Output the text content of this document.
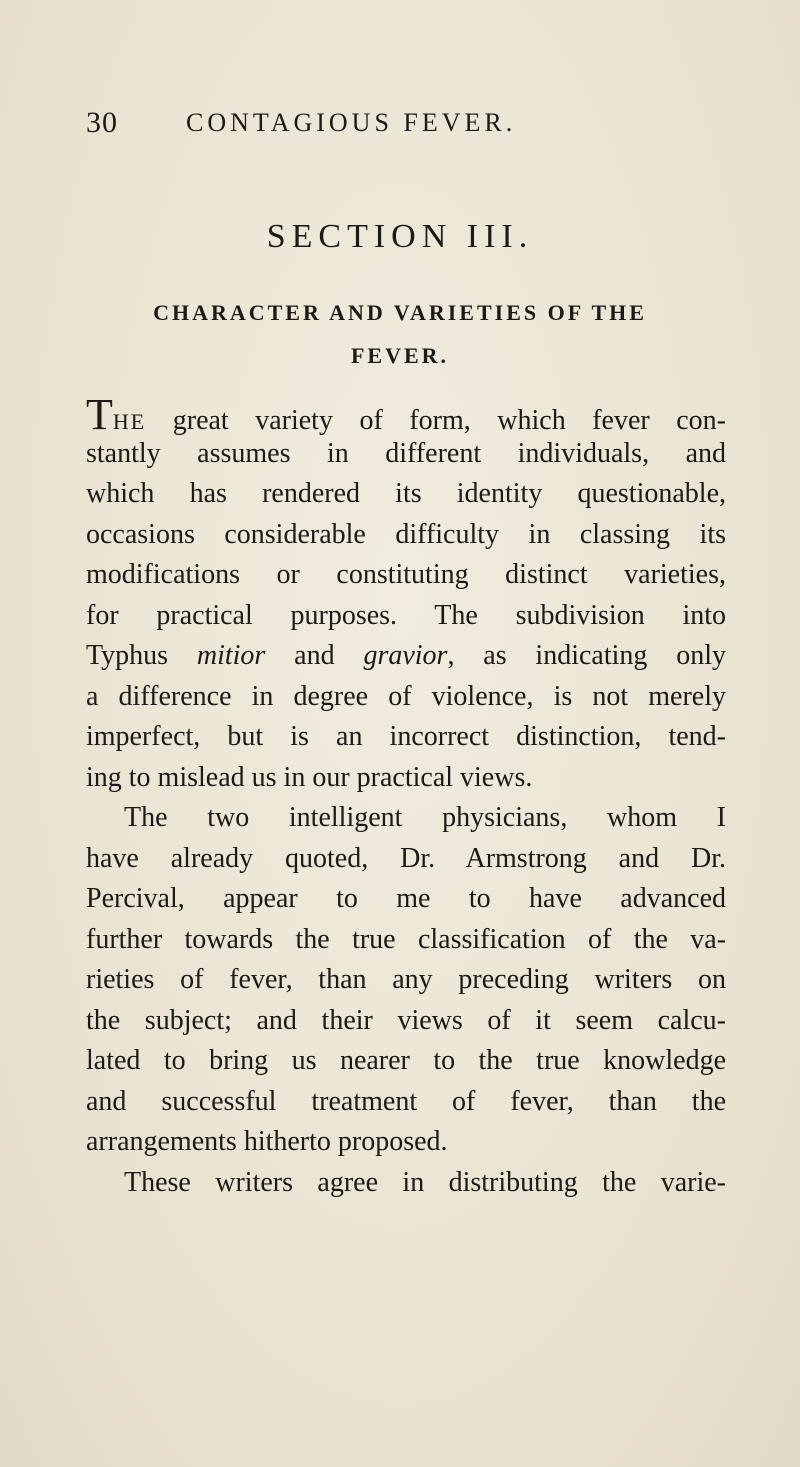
30	CONTAGIOUS FEVER.
SECTION III.
CHARACTER AND VARIETIES OF THE
FEVER.
THE great variety of form, which fever con-
stantly assumes in different individuals, and
which has rendered its identity questionable,
occasions considerable difficulty in classing its
modifications or constituting distinct varieties,
for practical purposes. The subdivision into
Typhus mitior and gravior, as indicating only
a difference in degree of violence, is not merely
imperfect, but is an incorrect distinction, tend-
ing to mislead us in our practical views.
The two intelligent physicians, whom I
have already quoted, Dr. Armstrong and Dr.
Percival, appear to me to have advanced
further towards the true classification of the va-
rieties of fever, than any preceding writers on
the subject; and their views of it seem calcu-
lated to bring us nearer to the true knowledge
and successful treatment of fever, than the
arrangements hitherto proposed.
These writers agree in distributing the varie-
